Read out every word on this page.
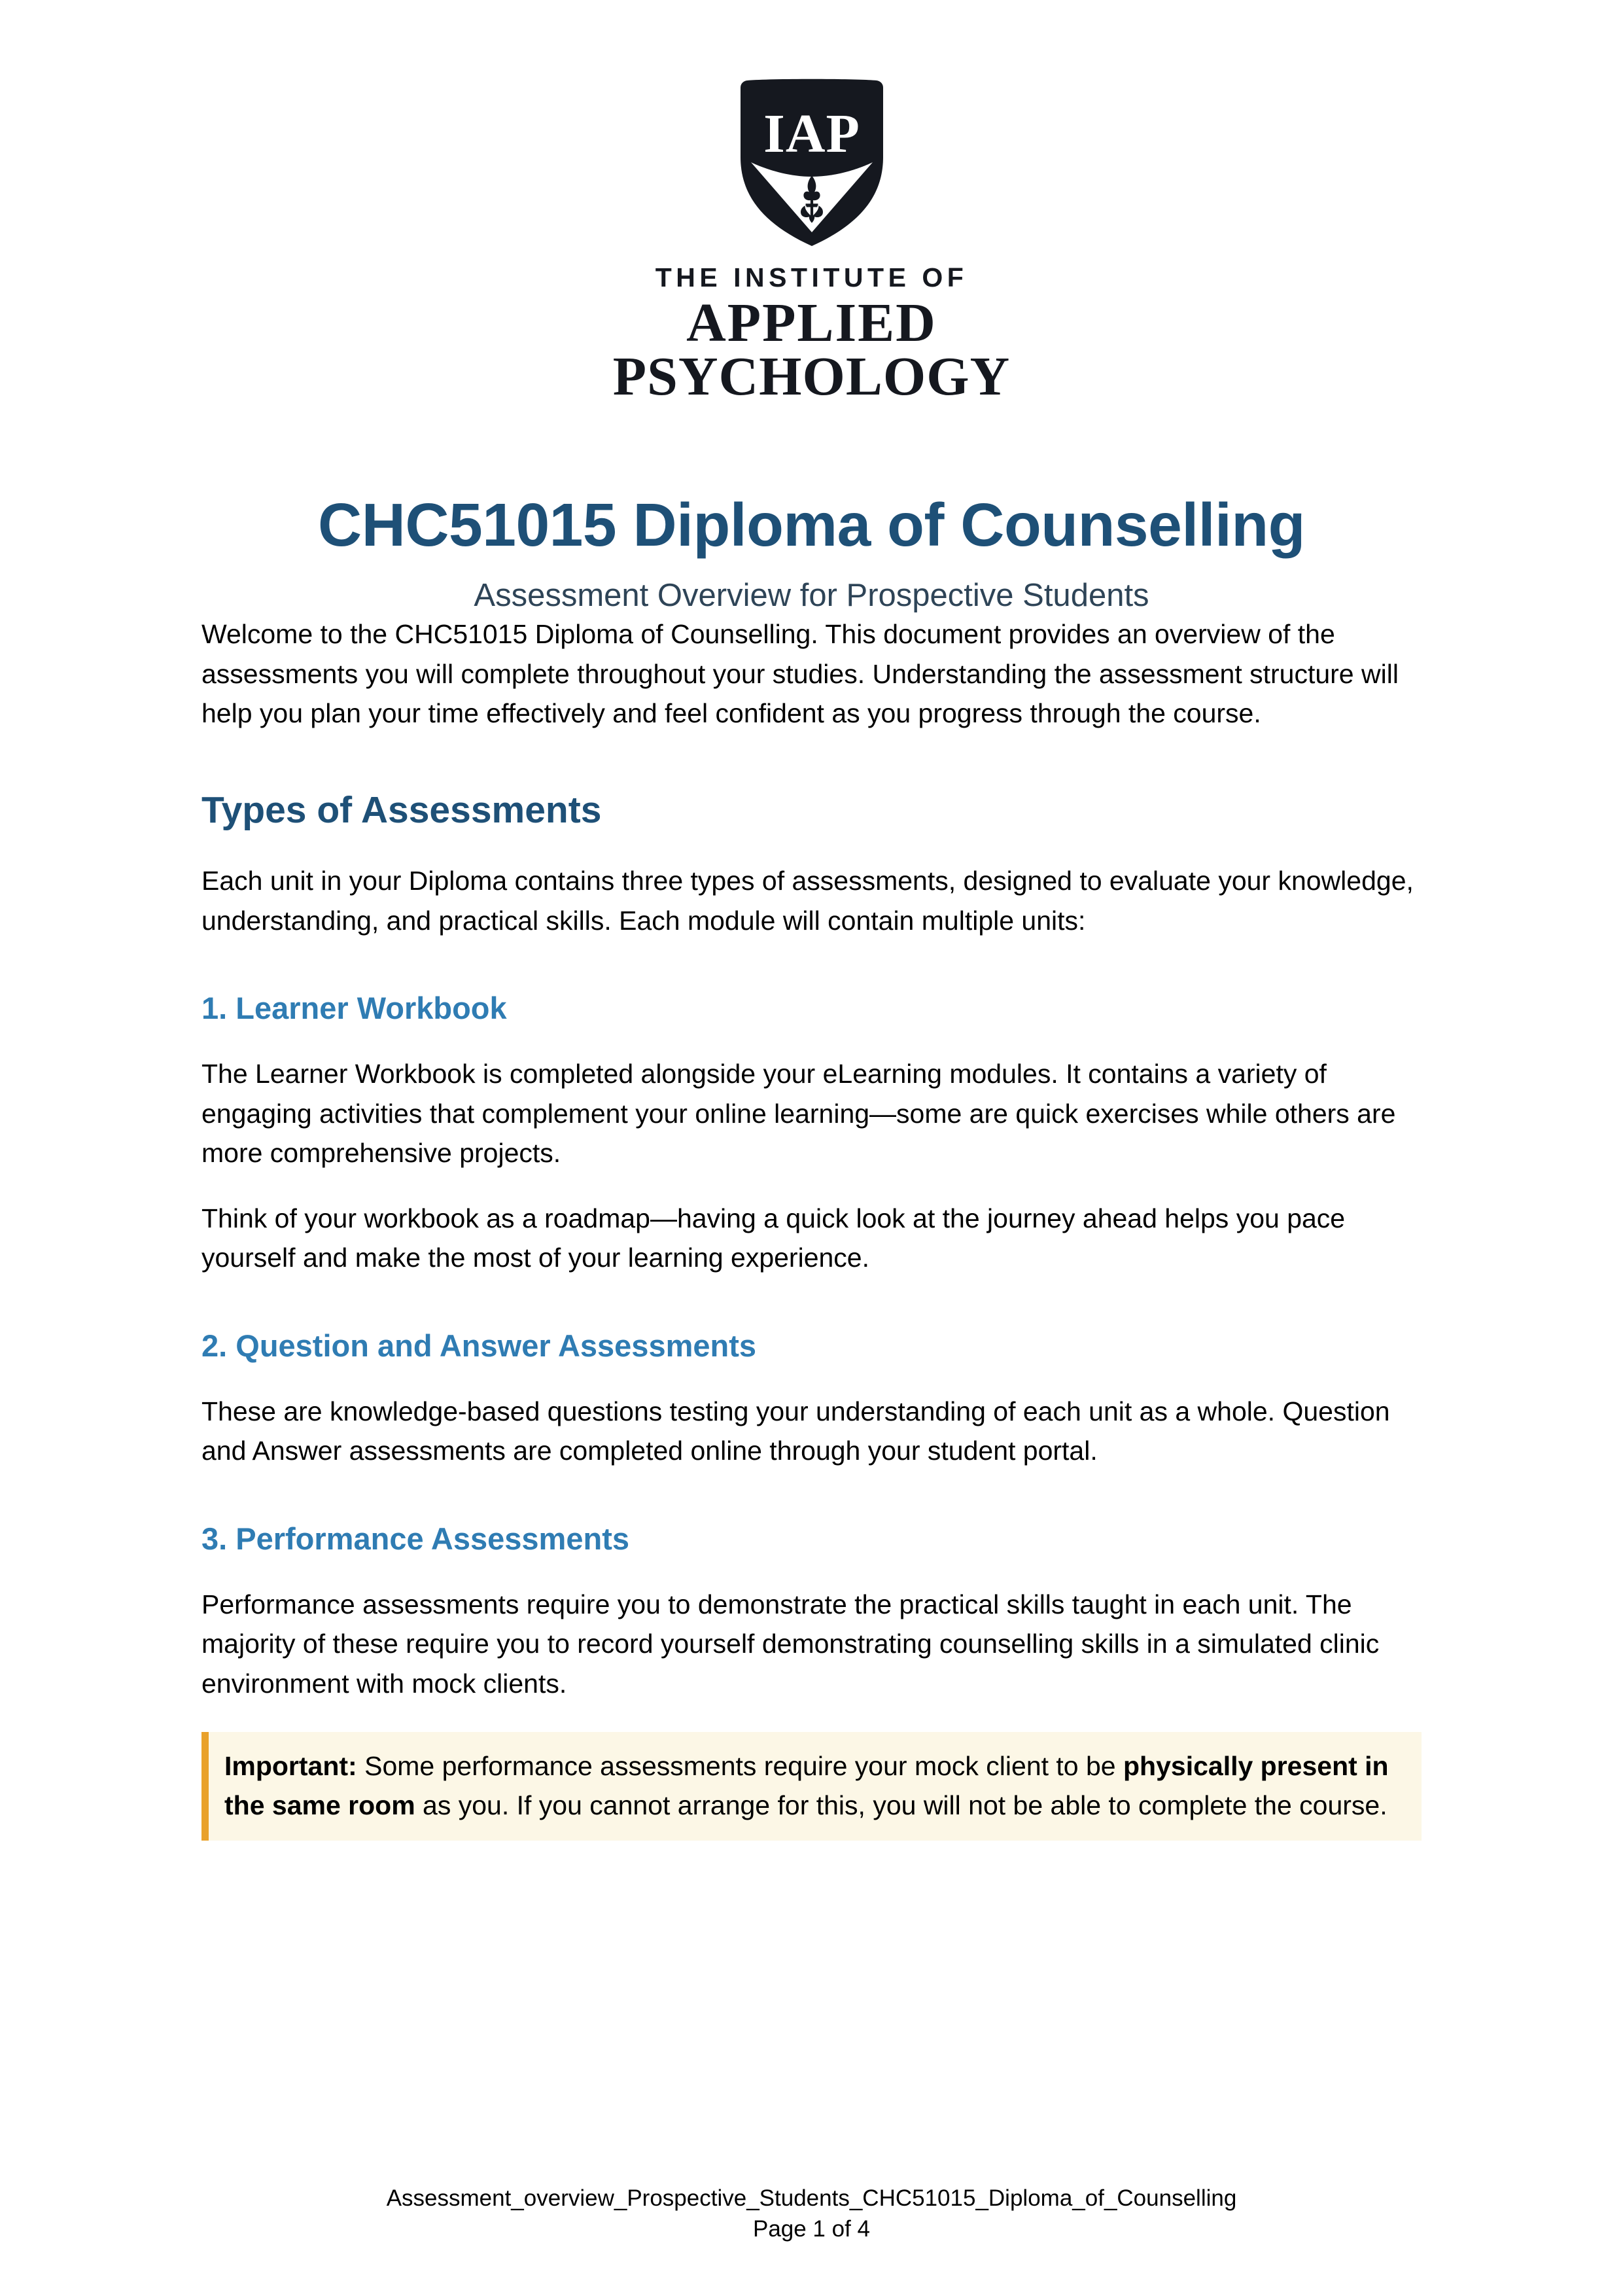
IAP
THE INSTITUTE OF
APPLIED
PSYCHOLOGY
CHC51015 Diploma of Counselling
Assessment Overview for Prospective Students

Welcome to the CHC51015 Diploma of Counselling. This document provides an overview of the assessments you will complete throughout your studies. Understanding the assessment structure will help you plan your time effectively and feel confident as you progress through the course.

Types of Assessments

Each unit in your Diploma contains three types of assessments, designed to evaluate your knowledge, understanding, and practical skills. Each module will contain multiple units:

1. Learner Workbook

The Learner Workbook is completed alongside your eLearning modules. It contains a variety of engaging activities that complement your online learning—some are quick exercises while others are more comprehensive projects.

Think of your workbook as a roadmap—having a quick look at the journey ahead helps you pace yourself and make the most of your learning experience.

2. Question and Answer Assessments

These are knowledge-based questions testing your understanding of each unit as a whole. Question and Answer assessments are completed online through your student portal.

3. Performance Assessments

Performance assessments require you to demonstrate the practical skills taught in each unit. The majority of these require you to record yourself demonstrating counselling skills in a simulated clinic environment with mock clients.

Important: Some performance assessments require your mock client to be physically present in the same room as you. If you cannot arrange for this, you will not be able to complete the course.

Assessment_overview_Prospective_Students_CHC51015_Diploma_of_Counselling
Page 1 of 4
